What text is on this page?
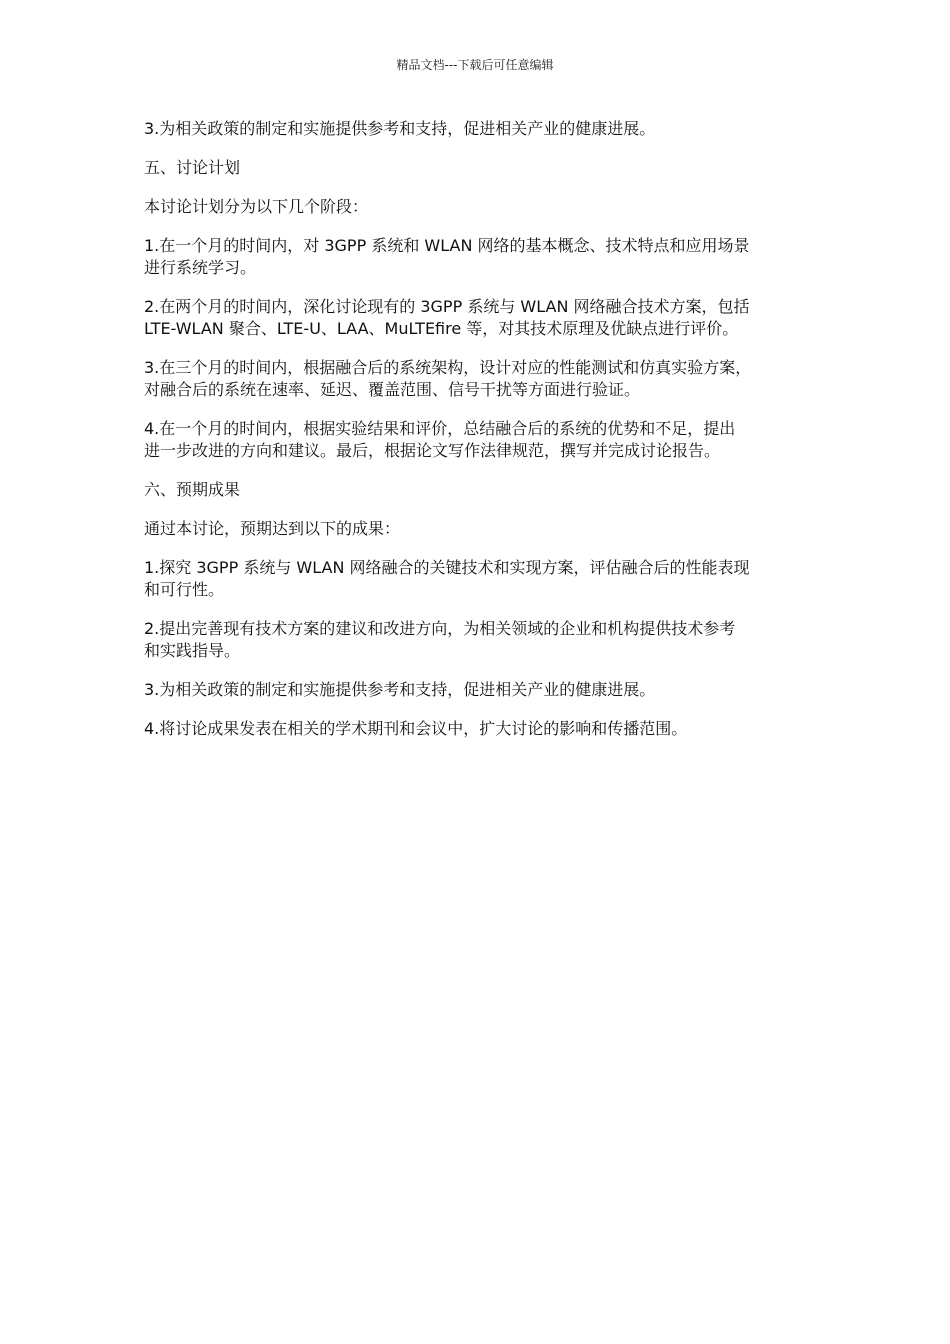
精品文档---下载后可任意编辑

3.为相关政策的制定和实施提供参考和支持，促进相关产业的健康进展。

五、讨论计划

本讨论计划分为以下几个阶段：

1.在一个月的时间内，对 3GPP 系统和 WLAN 网络的基本概念、技术特点和应用场景
进行系统学习。

2.在两个月的时间内，深化讨论现有的 3GPP 系统与 WLAN 网络融合技术方案，包括
LTE-WLAN 聚合、LTE-U、LAA、MuLTEfire 等，对其技术原理及优缺点进行评价。

3.在三个月的时间内，根据融合后的系统架构，设计对应的性能测试和仿真实验方案，
对融合后的系统在速率、延迟、覆盖范围、信号干扰等方面进行验证。

4.在一个月的时间内，根据实验结果和评价，总结融合后的系统的优势和不足，提出
进一步改进的方向和建议。最后，根据论文写作法律规范，撰写并完成讨论报告。

六、预期成果

通过本讨论，预期达到以下的成果：

1.探究 3GPP 系统与 WLAN 网络融合的关键技术和实现方案，评估融合后的性能表现
和可行性。

2.提出完善现有技术方案的建议和改进方向，为相关领域的企业和机构提供技术参考
和实践指导。

3.为相关政策的制定和实施提供参考和支持，促进相关产业的健康进展。

4.将讨论成果发表在相关的学术期刊和会议中，扩大讨论的影响和传播范围。
